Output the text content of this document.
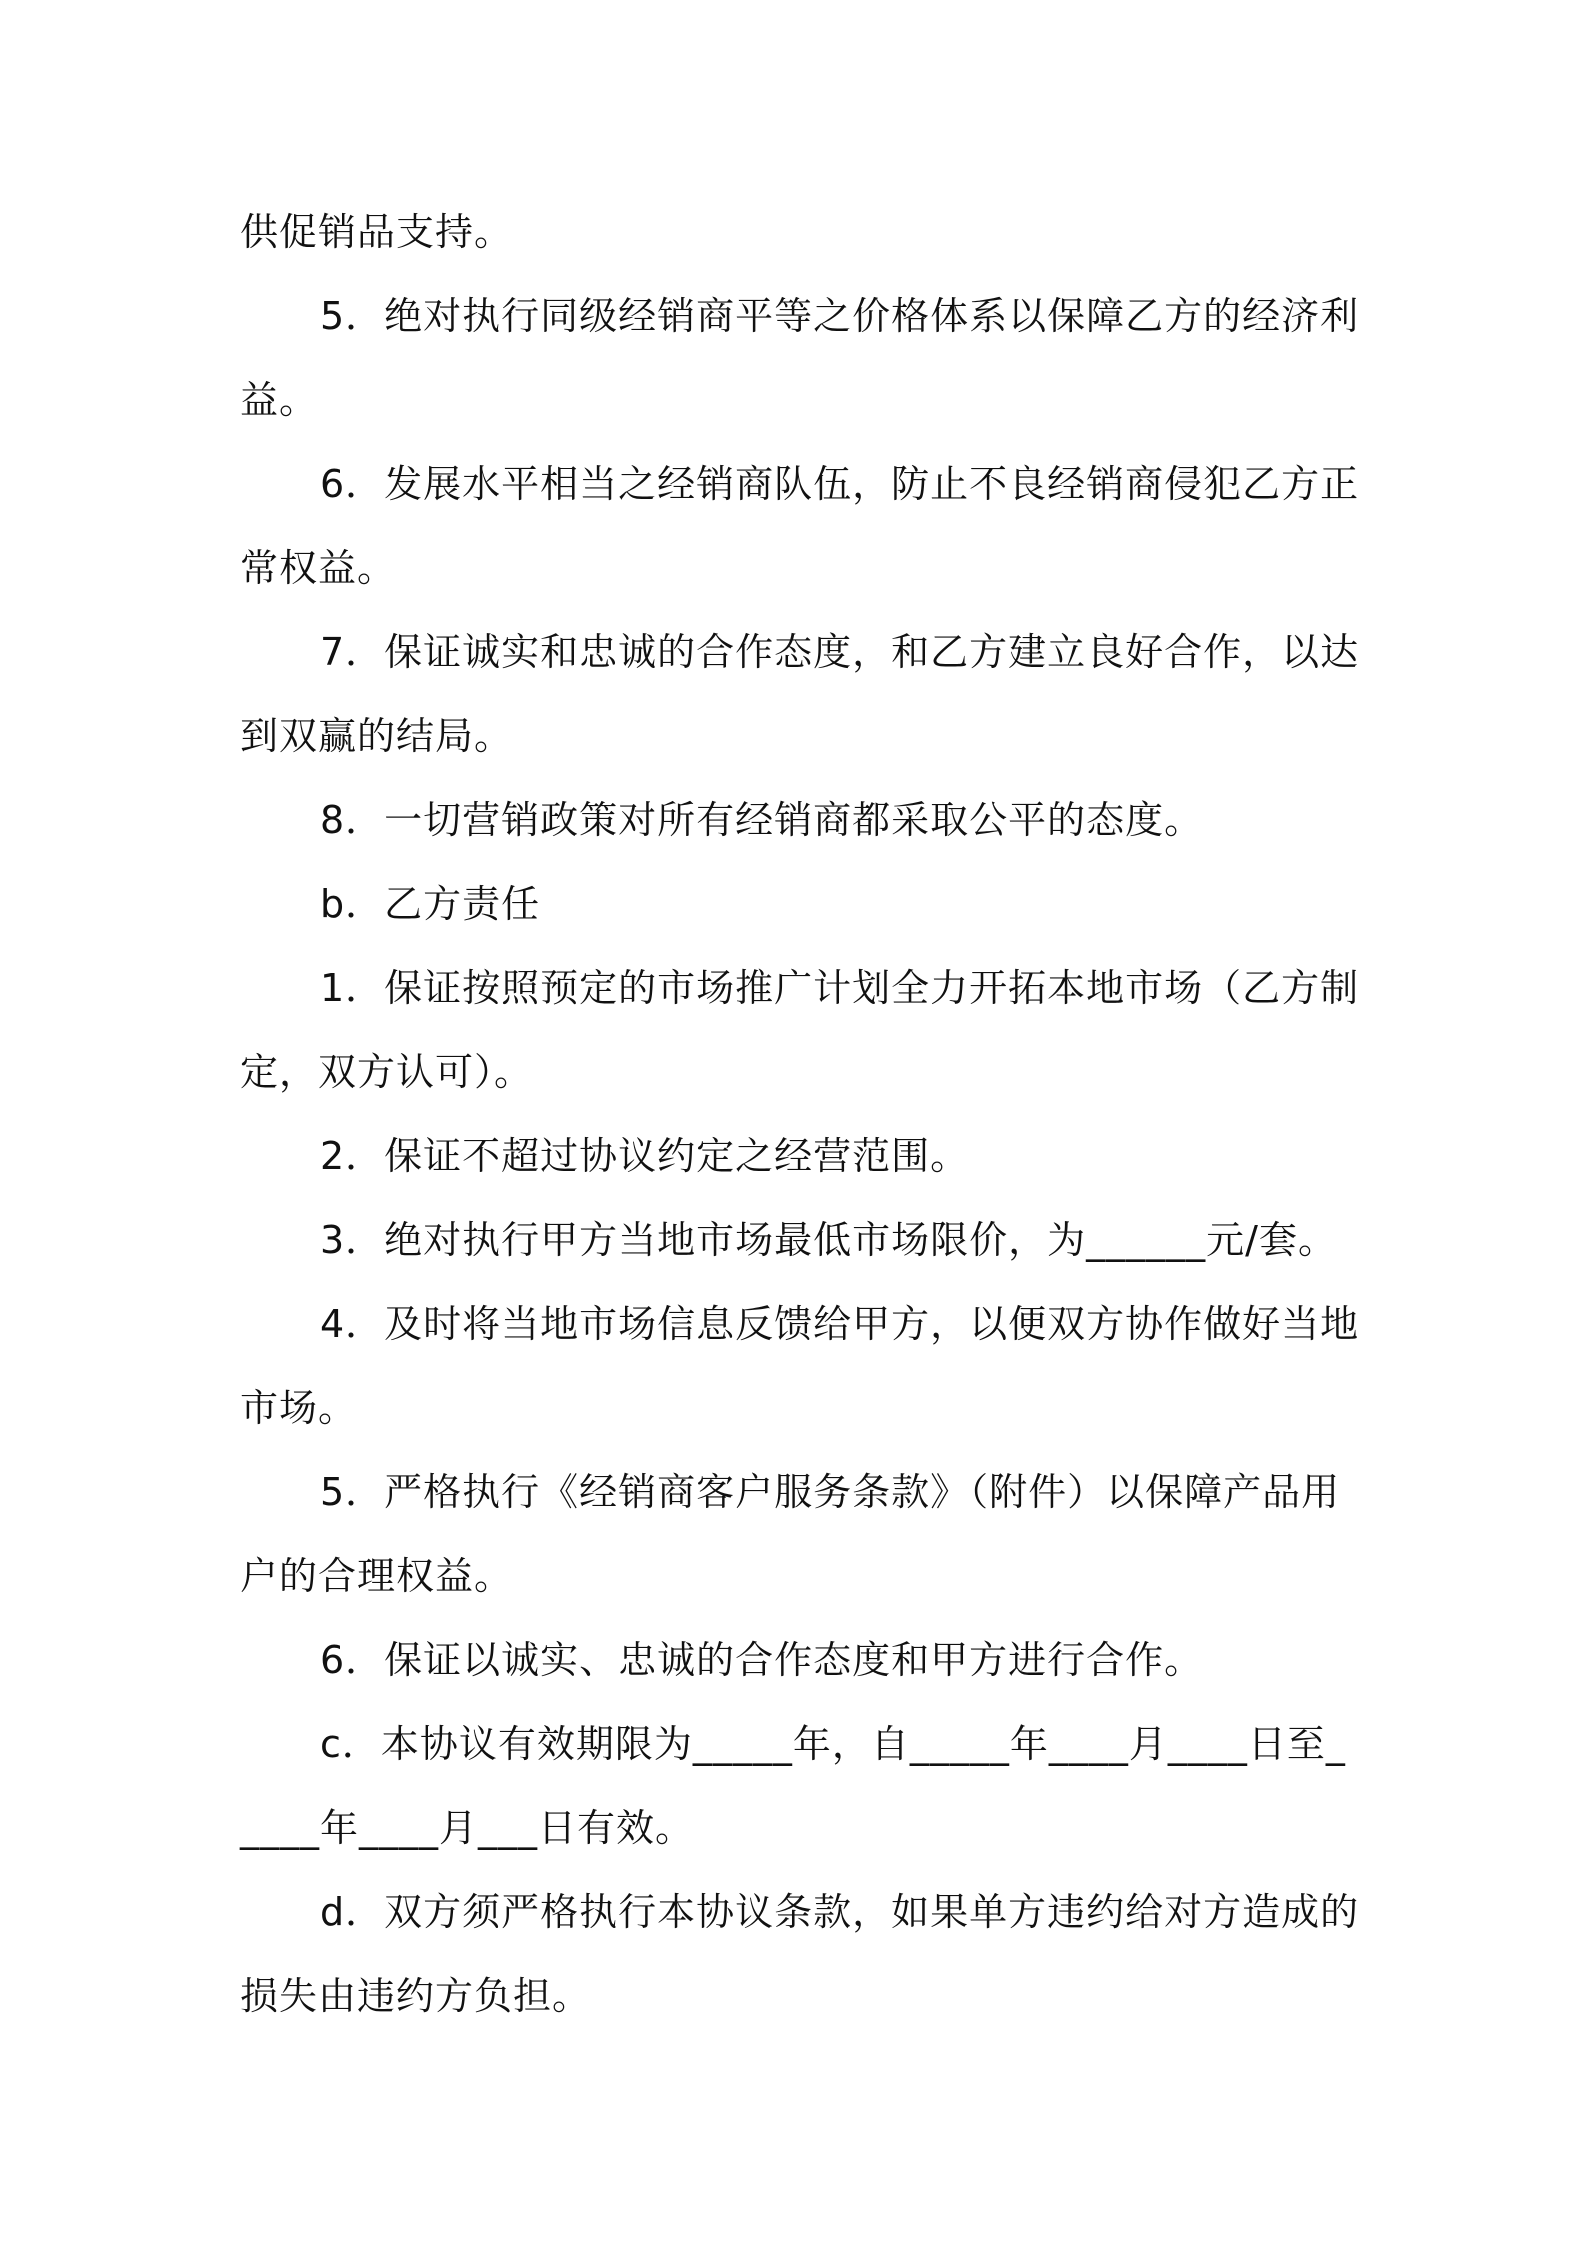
供促销品支持。

5．绝对执行同级经销商平等之价格体系以保障乙方的经济利益。

6．发展水平相当之经销商队伍，防止不良经销商侵犯乙方正常权益。

7．保证诚实和忠诚的合作态度，和乙方建立良好合作，以达到双赢的结局。

8．一切营销政策对所有经销商都采取公平的态度。

b．乙方责任

1．保证按照预定的市场推广计划全力开拓本地市场（乙方制定，双方认可）。

2．保证不超过协议约定之经营范围。

3．绝对执行甲方当地市场最低市场限价，为______元/套。

4．及时将当地市场信息反馈给甲方，以便双方协作做好当地市场。

5．严格执行《经销商客户服务条款》（附件）以保障产品用户的合理权益。

6．保证以诚实、忠诚的合作态度和甲方进行合作。

c．本协议有效期限为_____年，自_____年____月____日至_____年____月___日有效。

d．双方须严格执行本协议条款，如果单方违约给对方造成的损失由违约方负担。
